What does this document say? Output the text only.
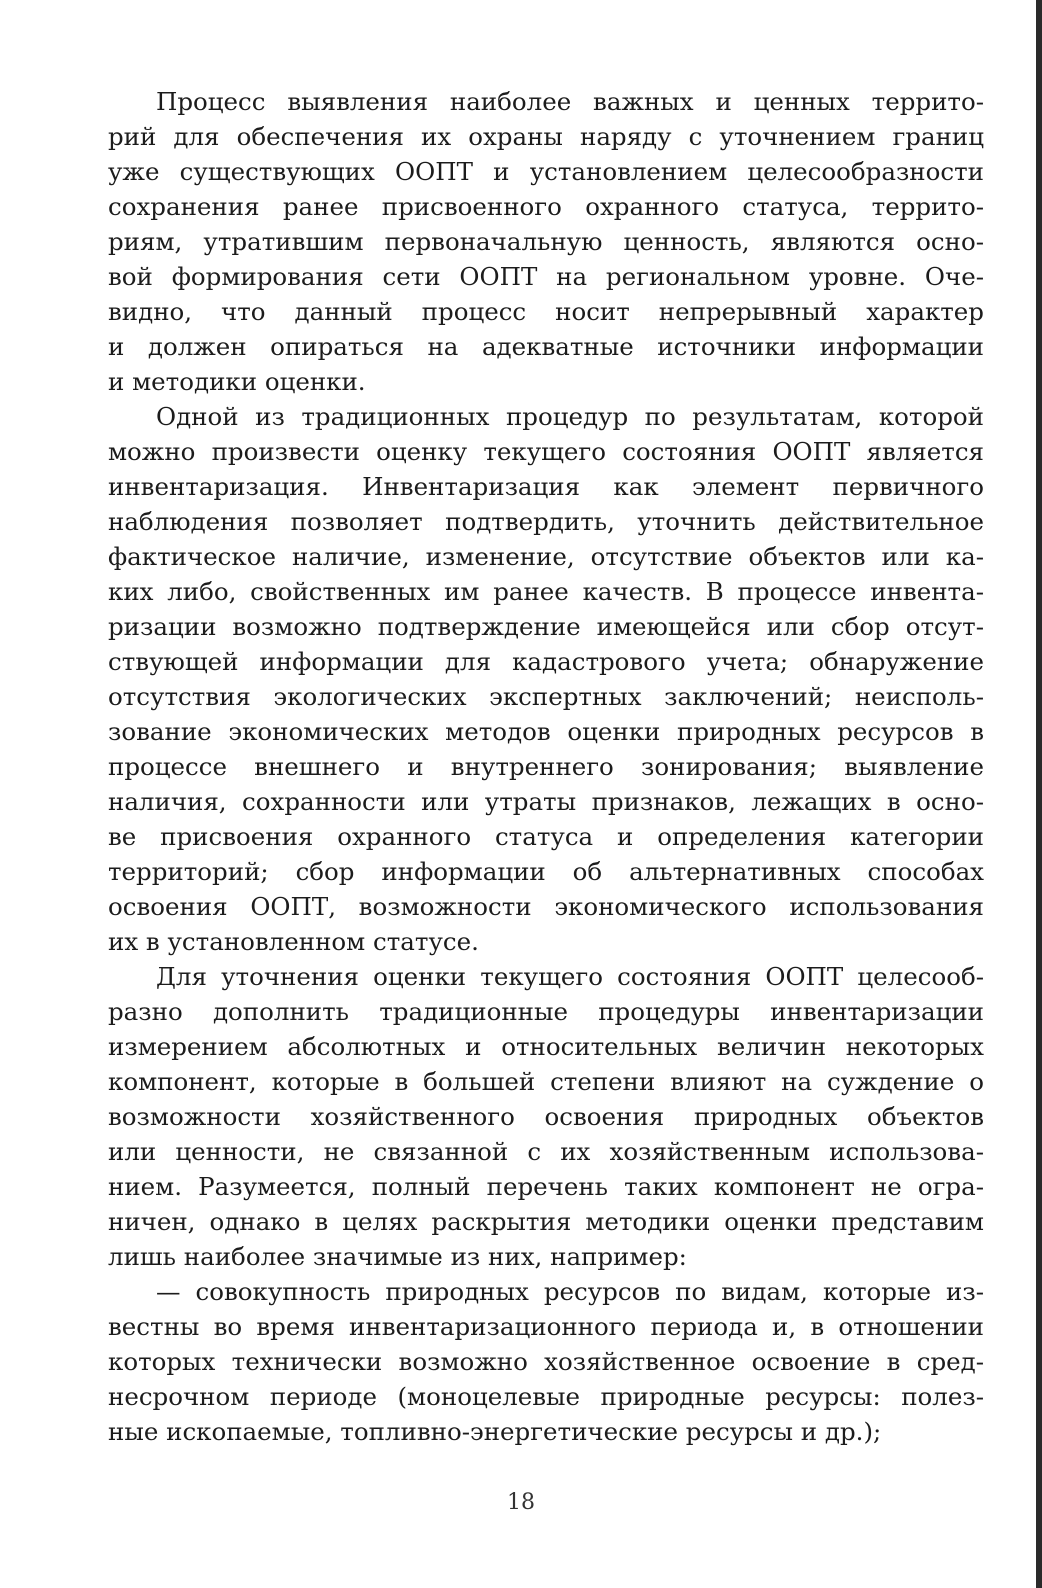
Процесс выявления наиболее важных и ценных террито-
рий для обеспечения их охраны наряду с уточнением границ
уже существующих ООПТ и установлением целесообразности
сохранения ранее присвоенного охранного статуса, террито-
риям, утратившим первоначальную ценность, являются осно-
вой формирования сети ООПТ на региональном уровне. Оче-
видно, что данный процесс носит непрерывный характер
и должен опираться на адекватные источники информации
и методики оценки.
Одной из традиционных процедур по результатам, которой
можно произвести оценку текущего состояния ООПТ является
инвентаризация. Инвентаризация как элемент первичного
наблюдения позволяет подтвердить, уточнить действительное
фактическое наличие, изменение, отсутствие объектов или ка-
ких либо, свойственных им ранее качеств. В процессе инвента-
ризации возможно подтверждение имеющейся или сбор отсут-
ствующей информации для кадастрового учета; обнаружение
отсутствия экологических экспертных заключений; неисполь-
зование экономических методов оценки природных ресурсов в
процессе внешнего и внутреннего зонирования; выявление
наличия, сохранности или утраты признаков, лежащих в осно-
ве присвоения охранного статуса и определения категории
территорий; сбор информации об альтернативных способах
освоения ООПТ, возможности экономического использования
их в установленном статусе.
Для уточнения оценки текущего состояния ООПТ целесооб-
разно дополнить традиционные процедуры инвентаризации
измерением абсолютных и относительных величин некоторых
компонент, которые в большей степени влияют на суждение о
возможности хозяйственного освоения природных объектов
или ценности, не связанной с их хозяйственным использова-
нием. Разумеется, полный перечень таких компонент не огра-
ничен, однако в целях раскрытия методики оценки представим
лишь наиболее значимые из них, например:
— совокупность природных ресурсов по видам, которые из-
вестны во время инвентаризационного периода и, в отношении
которых технически возможно хозяйственное освоение в сред-
несрочном периоде (моноцелевые природные ресурсы: полез-
ные ископаемые, топливно-энергетические ресурсы и др.);
18
